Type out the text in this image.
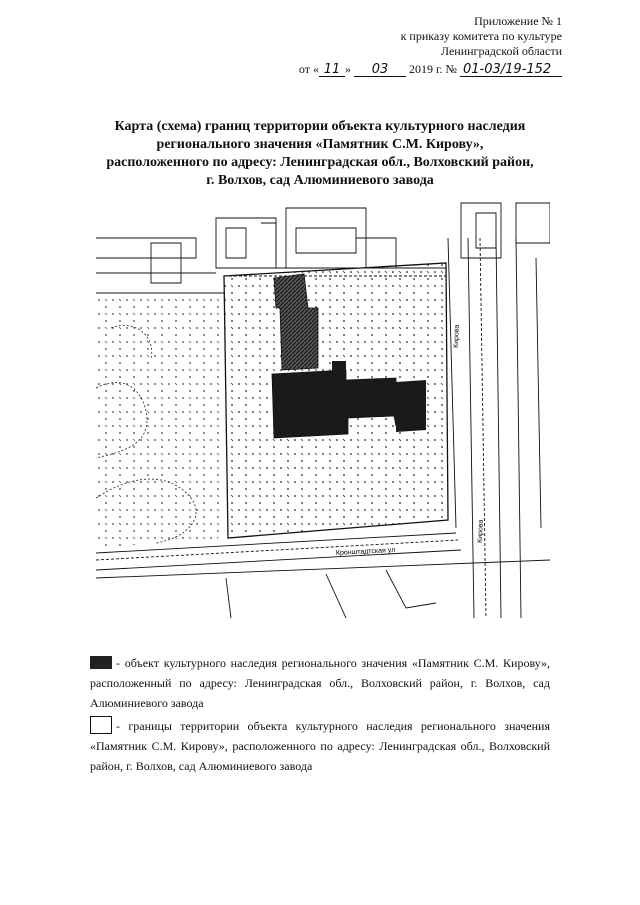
Приложение № 1
к приказу комитета по культуре
Ленинградской области
от « 11 » 03 2019 г. № 01-03/19-152
Карта (схема) границ территории объекта культурного наследия
регионального значения «Памятник С.М. Кирову»,
расположенного по адресу: Ленинградская обл., Волховский район,
г. Волхов, сад Алюминиевого завода
Кронштадтская ул
Кирова
Кирова
- объект культурного наследия регионального значения «Памятник С.М. Кирову», расположенный по адресу: Ленинградская обл., Волховский район, г. Волхов, сад Алюминиевого завода
- границы территории объекта культурного наследия регионального значения «Памятник С.М. Кирову», расположенного по адресу: Ленинградская обл., Волховский район, г. Волхов, сад Алюминиевого завода
